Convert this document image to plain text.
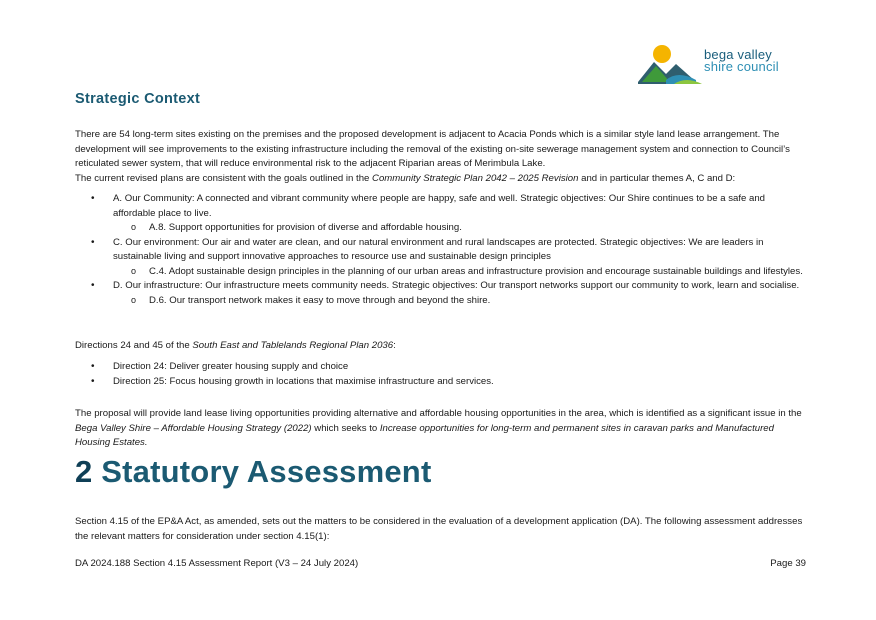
bega valley
shire council
Strategic Context

There are 54 long-term sites existing on the premises and the proposed development is adjacent to Acacia Ponds which is a similar style land lease arrangement. The development will see improvements to the existing infrastructure including the removal of the existing on-site sewerage management system and connection to Council’s reticulated sewer system, that will reduce environmental risk to the adjacent Riparian areas of Merimbula Lake.

The current revised plans are consistent with the goals outlined in the Community Strategic Plan 2042 – 2025 Revision and in particular themes A, C and D:

• A. Our Community: A connected and vibrant community where people are happy, safe and well. Strategic objectives: Our Shire continues to be a safe and affordable place to live.
o A.8. Support opportunities for provision of diverse and affordable housing.
• C. Our environment: Our air and water are clean, and our natural environment and rural landscapes are protected. Strategic objectives: We are leaders in sustainable living and support innovative approaches to resource use and sustainable design principles
o C.4. Adopt sustainable design principles in the planning of our urban areas and infrastructure provision and encourage sustainable buildings and lifestyles.
• D. Our infrastructure: Our infrastructure meets community needs. Strategic objectives: Our transport networks support our community to work, learn and socialise.
o D.6. Our transport network makes it easy to move through and beyond the shire.

Directions 24 and 45 of the South East and Tablelands Regional Plan 2036:

• Direction 24: Deliver greater housing supply and choice
• Direction 25: Focus housing growth in locations that maximise infrastructure and services.

The proposal will provide land lease living opportunities providing alternative and affordable housing opportunities in the area, which is identified as a significant issue in the Bega Valley Shire – Affordable Housing Strategy (2022) which seeks to Increase opportunities for long-term and permanent sites in caravan parks and Manufactured Housing Estates.

2 Statutory Assessment

Section 4.15 of the EP&A Act, as amended, sets out the matters to be considered in the evaluation of a development application (DA). The following assessment addresses the relevant matters for consideration under section 4.15(1):

DA 2024.188 Section 4.15 Assessment Report (V3 – 24 July 2024)	Page 39
